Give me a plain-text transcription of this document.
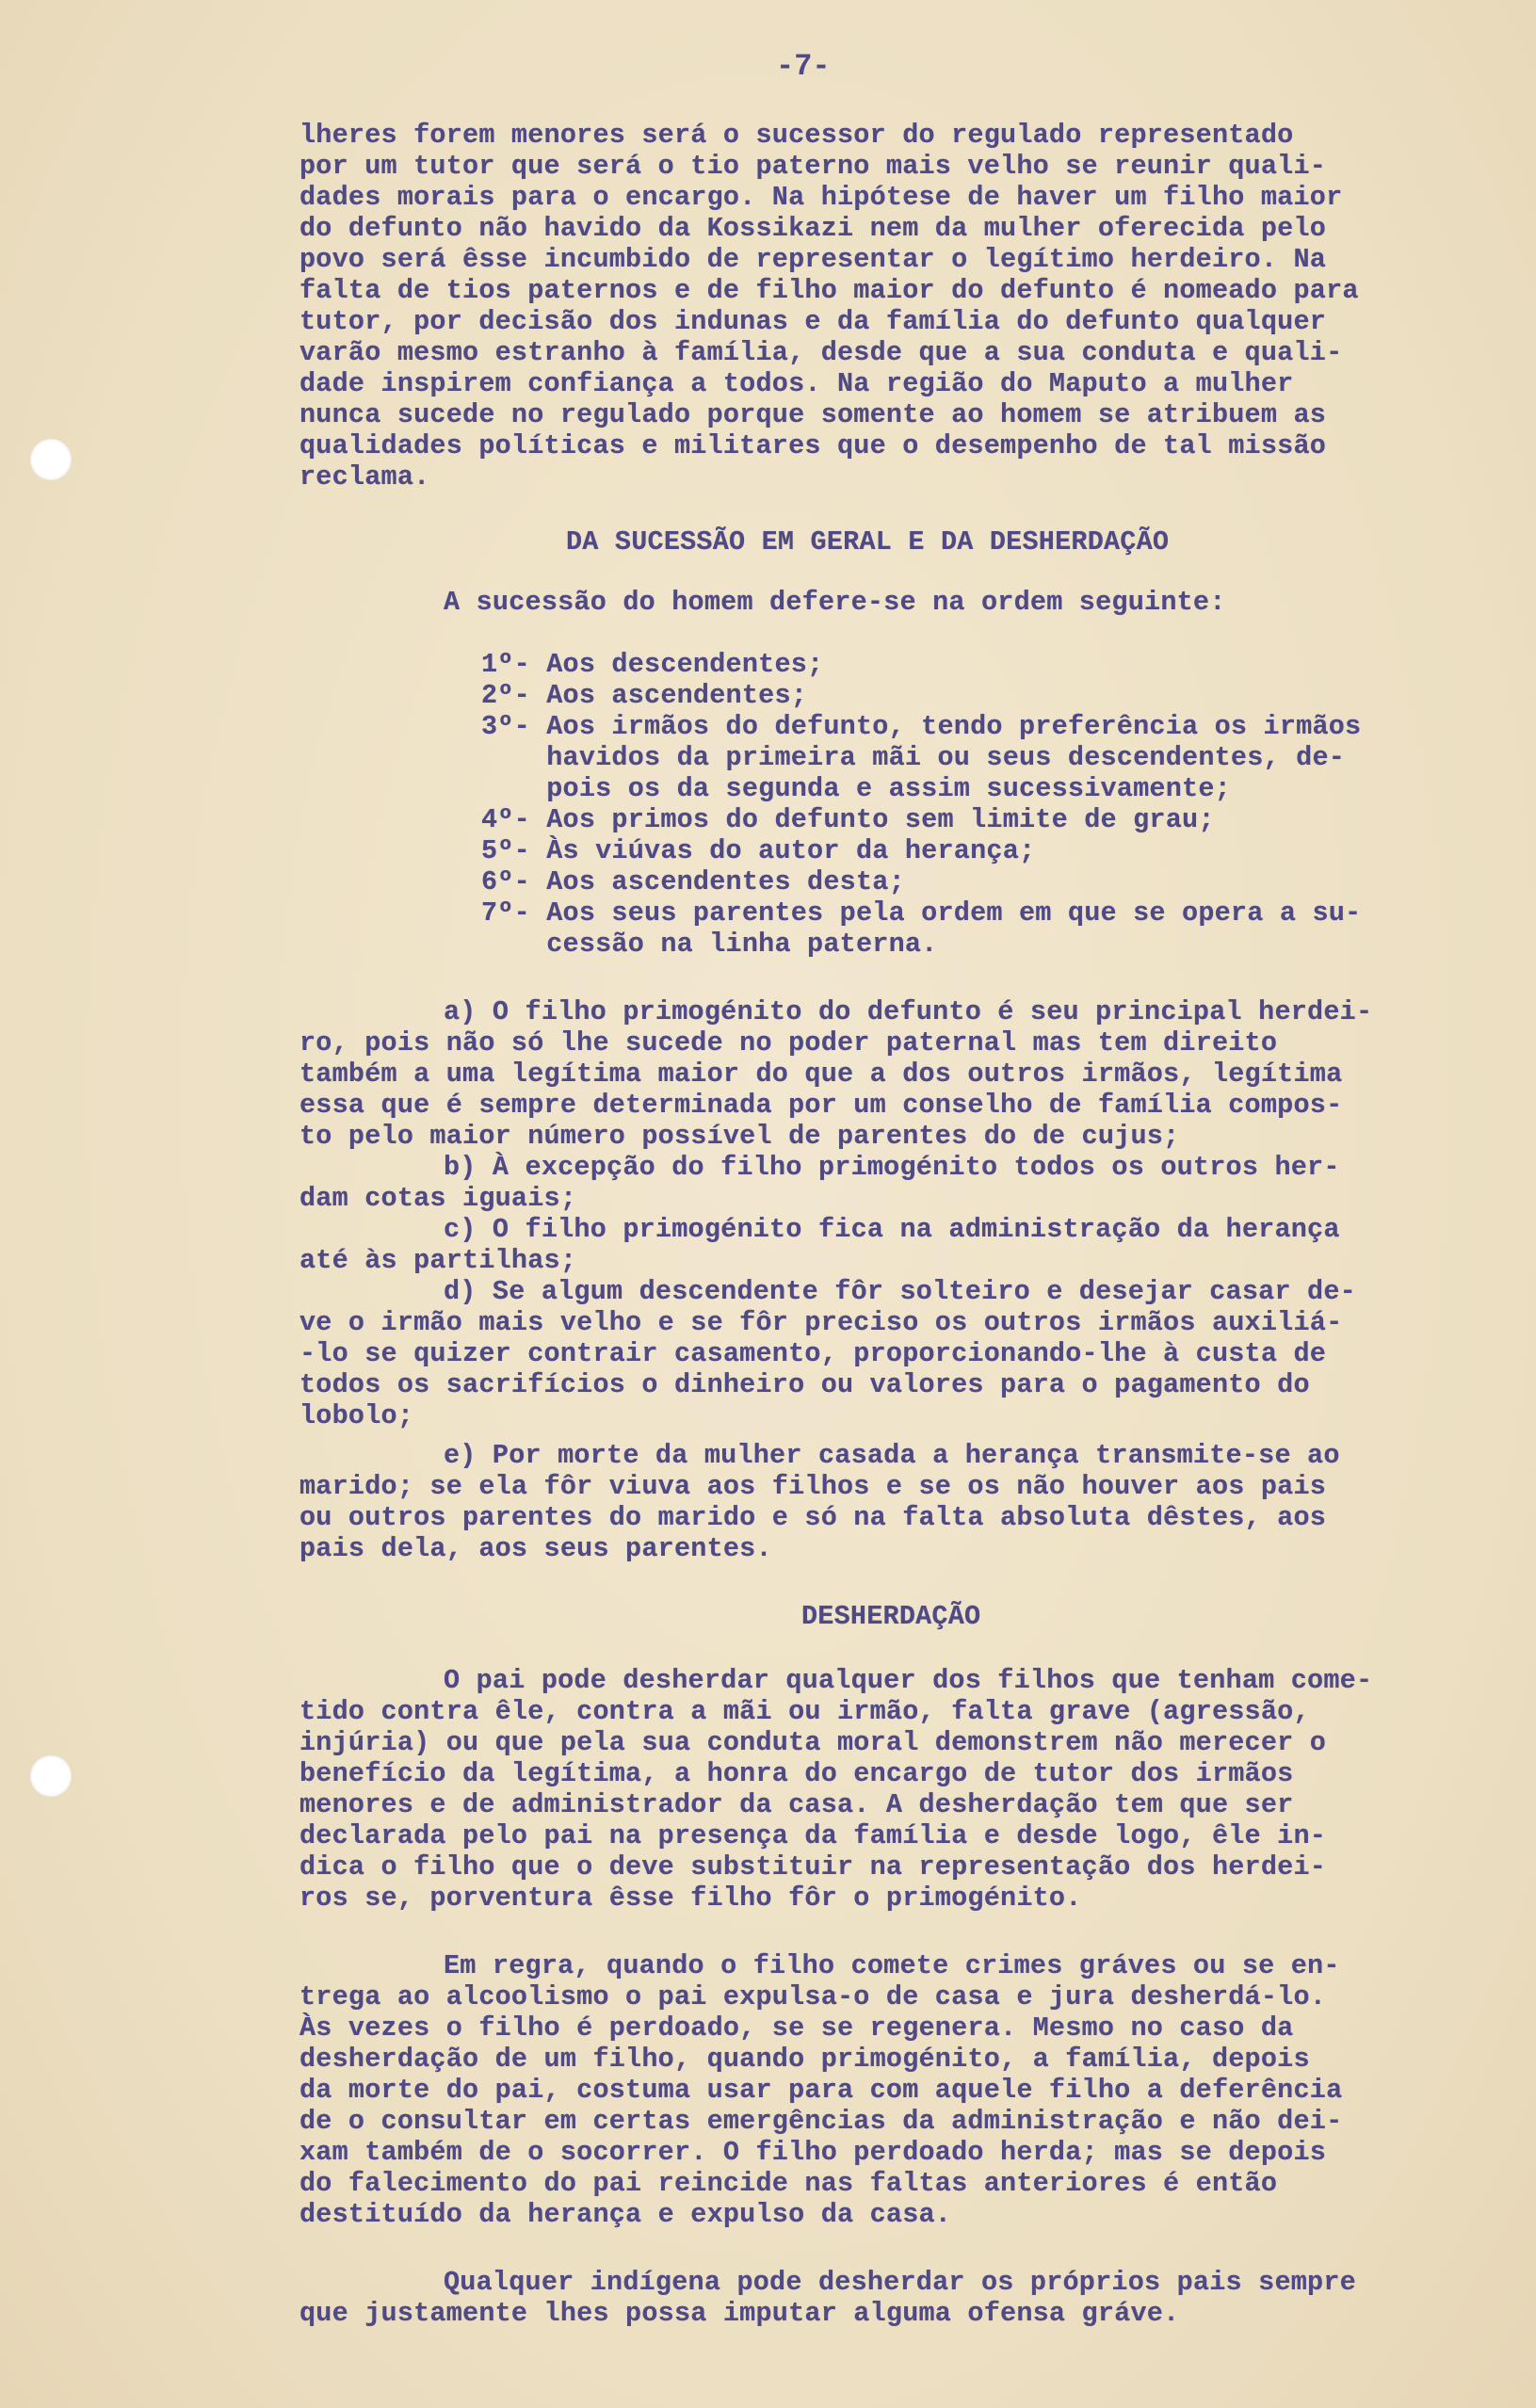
-7-
lheres forem menores será o sucessor do regulado representado
por um tutor que será o tio paterno mais velho se reunir quali-
dades morais para o encargo. Na hipótese de haver um filho maior
do defunto não havido da Kossikazi nem da mulher oferecida pelo
povo será êsse incumbido de representar o legítimo herdeiro. Na
falta de tios paternos e de filho maior do defunto é nomeado para
tutor, por decisão dos indunas e da família do defunto qualquer
varão mesmo estranho à família, desde que a sua conduta e quali-
dade inspirem confiança a todos. Na região do Maputo a mulher
nunca sucede no regulado porque somente ao homem se atribuem as
qualidades políticas e militares que o desempenho de tal missão
reclama.
DA SUCESSÃO EM GERAL E DA DESHERDAÇÃO
A sucessão do homem defere-se na ordem seguinte:
1º- Aos descendentes;
2º- Aos ascendentes;
3º- Aos irmãos do defunto, tendo preferência os irmãos
havidos da primeira mãi ou seus descendentes, de-
pois os da segunda e assim sucessivamente;
4º- Aos primos do defunto sem limite de grau;
5º- Às viúvas do autor da herança;
6º- Aos ascendentes desta;
7º- Aos seus parentes pela ordem em que se opera a su-
cessão na linha paterna.
a) O filho primogénito do defunto é seu principal herdei-
ro, pois não só lhe sucede no poder paternal mas tem direito
também a uma legítima maior do que a dos outros irmãos, legítima
essa que é sempre determinada por um conselho de família compos-
to pelo maior número possível de parentes do de cujus;
b) À excepção do filho primogénito todos os outros her-
dam cotas iguais;
c) O filho primogénito fica na administração da herança
até às partilhas;
d) Se algum descendente fôr solteiro e desejar casar de-
ve o irmão mais velho e se fôr preciso os outros irmãos auxiliá-
-lo se quizer contrair casamento, proporcionando-lhe à custa de
todos os sacrifícios o dinheiro ou valores para o pagamento do
lobolo;
e) Por morte da mulher casada a herança transmite-se ao
marido; se ela fôr viuva aos filhos e se os não houver aos pais
ou outros parentes do marido e só na falta absoluta dêstes, aos
pais dela, aos seus parentes.
DESHERDAÇÃO
O pai pode desherdar qualquer dos filhos que tenham come-
tido contra êle, contra a mãi ou irmão, falta grave (agressão,
injúria) ou que pela sua conduta moral demonstrem não merecer o
benefício da legítima, a honra do encargo de tutor dos irmãos
menores e de administrador da casa. A desherdação tem que ser
declarada pelo pai na presença da família e desde logo, êle in-
dica o filho que o deve substituir na representação dos herdei-
ros se, porventura êsse filho fôr o primogénito.
Em regra, quando o filho comete crimes gráves ou se en-
trega ao alcoolismo o pai expulsa-o de casa e jura desherdá-lo.
Às vezes o filho é perdoado, se se regenera. Mesmo no caso da
desherdação de um filho, quando primogénito, a família, depois
da morte do pai, costuma usar para com aquele filho a deferência
de o consultar em certas emergências da administração e não dei-
xam também de o socorrer. O filho perdoado herda; mas se depois
do falecimento do pai reincide nas faltas anteriores é então
destituído da herança e expulso da casa.
Qualquer indígena pode desherdar os próprios pais sempre
que justamente lhes possa imputar alguma ofensa gráve.
